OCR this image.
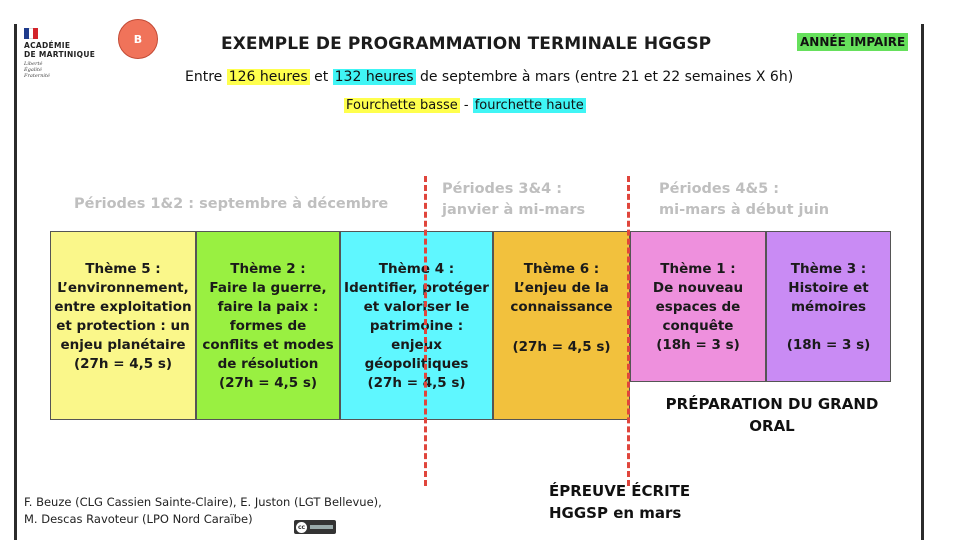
ACADÉMIE
DE MARTINIQUE
Liberté
Égalité
Fraternité
B	EXEMPLE DE PROGRAMMATION TERMINALE HGGSP	ANNÉE IMPAIRE
Entre 126 heures et 132 heures de septembre à mars (entre 21 et 22 semaines X 6h)
Fourchette basse - fourchette haute
Périodes 1&2 : septembre à décembre
Périodes 3&4 :
janvier à mi-mars
Périodes 4&5 :
mi-mars à début juin
Thème 5 :
L’environnement,
entre exploitation
et protection : un
enjeu planétaire
(27h = 4,5 s)
Thème 2 :
Faire la guerre,
faire la paix :
formes de
conflits et modes
de résolution
(27h = 4,5 s)
Thème 4 :
Identifier, protéger
et valoriser le
patrimoine :
enjeux
géopolitiques
(27h = 4,5 s)
Thème 6 :
L’enjeu de la
connaissance
(27h = 4,5 s)
Thème 1 :
De nouveau
espaces de
conquête
(18h = 3 s)
Thème 3 :
Histoire et
mémoires
(18h = 3 s)
PRÉPARATION DU GRAND
ORAL
ÉPREUVE ÉCRITE
HGGSP en mars
F. Beuze (CLG Cassien Sainte-Claire), E. Juston (LGT Bellevue),
M. Descas Ravoteur (LPO Nord Caraïbe)
cc
